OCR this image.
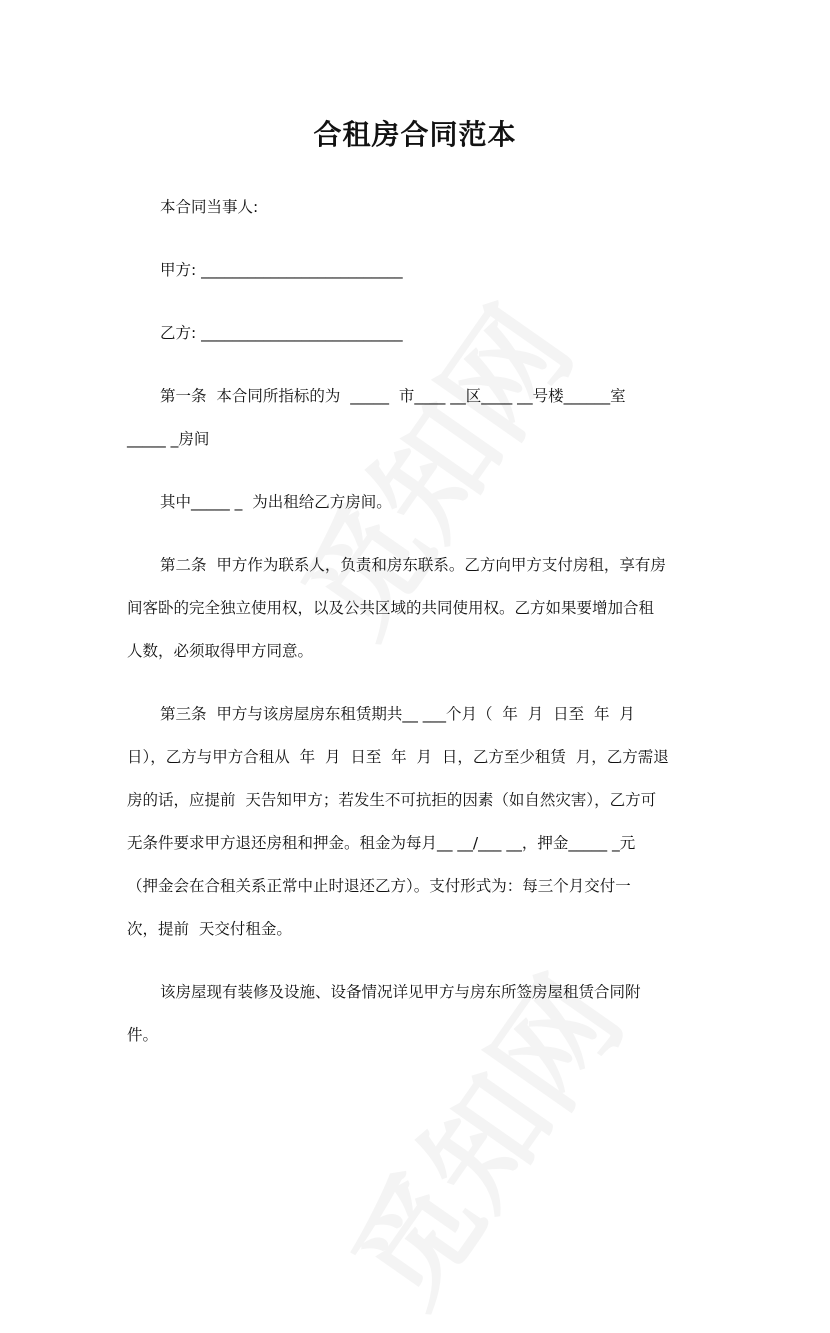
合租房合同范本
本合同当事人:
甲方: __________________________
乙方: __________________________
第一条  本合同所指标的为  _____  市____ __区____ __号楼______室
_____ _房间
其中_____ _  为出租给乙方房间。
第二条  甲方作为联系人，负责和房东联系。乙方向甲方支付房租，享有房
间客卧的完全独立使用权，以及公共区域的共同使用权。乙方如果要增加合租
人数，必须取得甲方同意。
第三条  甲方与该房屋房东租赁期共__ ___个月（  年  月  日至  年  月
日），乙方与甲方合租从  年  月  日至  年  月  日，乙方至少租赁  月，乙方需退
房的话，应提前  天告知甲方；若发生不可抗拒的因素（如自然灾害），乙方可
无条件要求甲方退还房租和押金。租金为每月__ __/___ __，押金_____ _元
（押金会在合租关系正常中止时退还乙方）。支付形式为：每三个月交付一
次，提前  天交付租金。
该房屋现有装修及设施、设备情况详见甲方与房东所签房屋租赁合同附
件。
